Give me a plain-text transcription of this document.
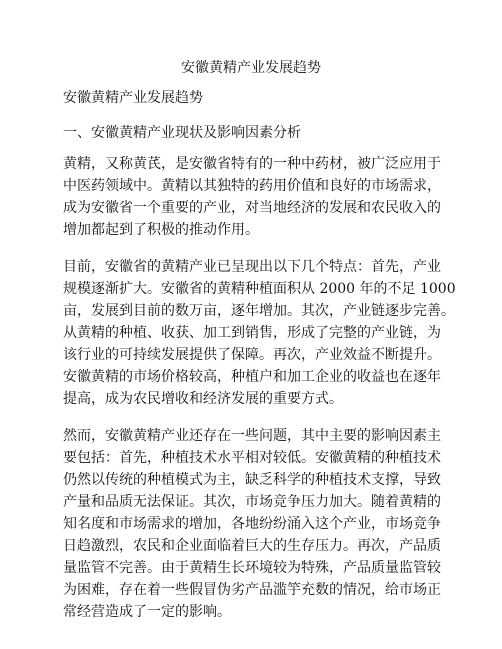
安徽黄精产业发展趋势
安徽黄精产业发展趋势
一、安徽黄精产业现状及影响因素分析
黄精，又称黄芪，是安徽省特有的一种中药材，被广泛应用于
中医药领域中。黄精以其独特的药用价值和良好的市场需求，
成为安徽省一个重要的产业，对当地经济的发展和农民收入的
增加都起到了积极的推动作用。
目前，安徽省的黄精产业已呈现出以下几个特点：首先，产业
规模逐渐扩大。安徽省的黄精种植面积从 2000 年的不足 1000
亩，发展到目前的数万亩，逐年增加。其次，产业链逐步完善。
从黄精的种植、收获、加工到销售，形成了完整的产业链，为
该行业的可持续发展提供了保障。再次，产业效益不断提升。
安徽黄精的市场价格较高，种植户和加工企业的收益也在逐年
提高，成为农民增收和经济发展的重要方式。
然而，安徽黄精产业还存在一些问题，其中主要的影响因素主
要包括：首先，种植技术水平相对较低。安徽黄精的种植技术
仍然以传统的种植模式为主，缺乏科学的种植技术支撑，导致
产量和品质无法保证。其次，市场竞争压力加大。随着黄精的
知名度和市场需求的增加，各地纷纷涌入这个产业，市场竞争
日趋激烈，农民和企业面临着巨大的生存压力。再次，产品质
量监管不完善。由于黄精生长环境较为特殊，产品质量监管较
为困难，存在着一些假冒伪劣产品滥竽充数的情况，给市场正
常经营造成了一定的影响。
